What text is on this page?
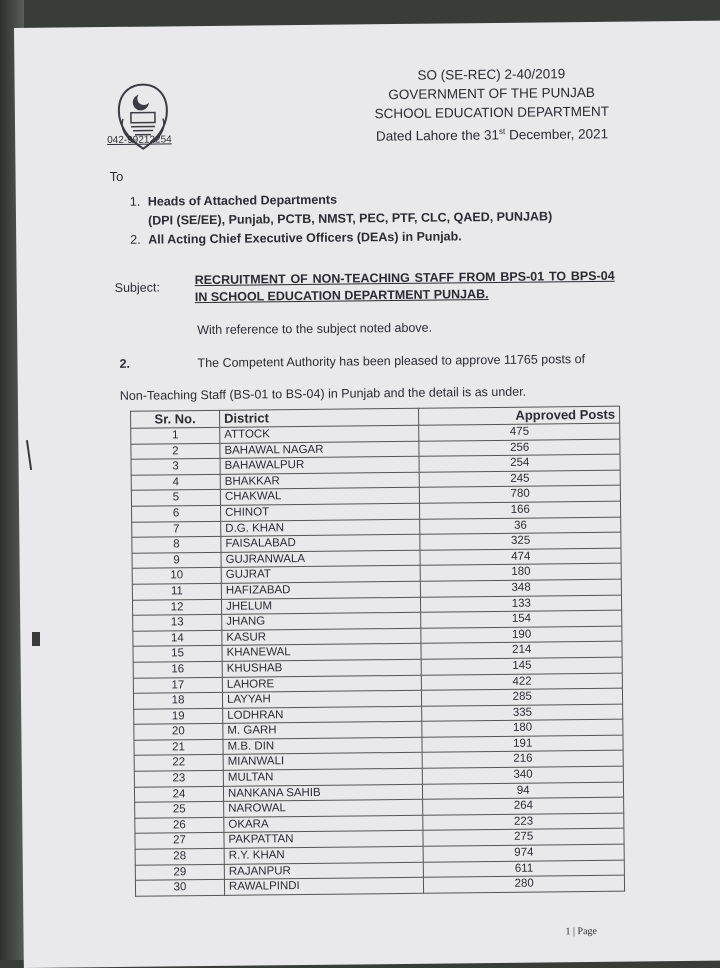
042-99212254
SO (SE-REC) 2-40/2019
GOVERNMENT OF THE PUNJAB
SCHOOL EDUCATION DEPARTMENT
Dated Lahore the 31st December, 2021
To
1. Heads of Attached Departments
(DPI (SE/EE), Punjab, PCTB, NMST, PEC, PTF, CLC, QAED, PUNJAB)
2. All Acting Chief Executive Officers (DEAs) in Punjab.
Subject:
RECRUITMENT OF NON-TEACHING STAFF FROM BPS-01 TO BPS-04 IN SCHOOL EDUCATION DEPARTMENT PUNJAB.
With reference to the subject noted above.
2.	The Competent Authority has been pleased to approve 11765 posts of
Non-Teaching Staff (BS-01 to BS-04) in Punjab and the detail is as under.
Sr. No.	District	Approved Posts
1	ATTOCK	475
2	BAHAWAL NAGAR	256
3	BAHAWALPUR	254
4	BHAKKAR	245
5	CHAKWAL	780
6	CHINOT	166
7	D.G. KHAN	36
8	FAISALABAD	325
9	GUJRANWALA	474
10	GUJRAT	180
11	HAFIZABAD	348
12	JHELUM	133
13	JHANG	154
14	KASUR	190
15	KHANEWAL	214
16	KHUSHAB	145
17	LAHORE	422
18	LAYYAH	285
19	LODHRAN	335
20	M. GARH	180
21	M.B. DIN	191
22	MIANWALI	216
23	MULTAN	340
24	NANKANA SAHIB	94
25	NAROWAL	264
26	OKARA	223
27	PAKPATTAN	275
28	R.Y. KHAN	974
29	RAJANPUR	611
30	RAWALPINDI	280
1 | Page
